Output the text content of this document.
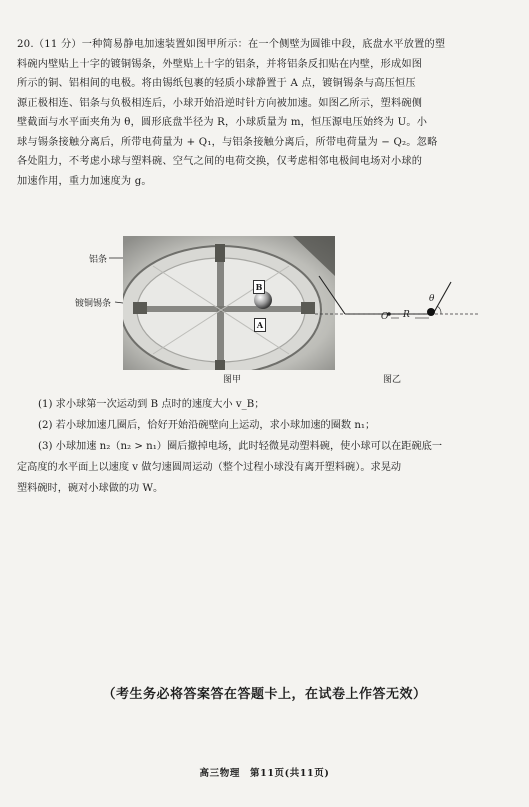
20.（11 分）一种简易静电加速装置如图甲所示：在一个侧壁为圆锥中段，底盘水平放置的塑
料碗内壁贴上十字的镀铜锡条，外壁贴上十字的铝条，并将铝条反扣贴在内壁，形成如图
所示的铜、铝相间的电极。将由锡纸包裹的轻质小球静置于 A 点，镀铜锡条与高压恒压
源正极相连、铝条与负极相连后，小球开始沿逆时针方向被加速。如图乙所示，塑料碗侧
壁截面与水平面夹角为 θ，圆形底盘半径为 R，小球质量为 m，恒压源电压始终为 U。小
球与锡条接触分离后，所带电荷量为 + Q₁，与铝条接触分离后，所带电荷量为 − Q₂。忽略
各处阻力，不考虑小球与塑料碗、空气之间的电荷交换，仅考虑相邻电极间电场对小球的
加速作用，重力加速度为 g。
铝条
镀铜锡条
B
A
图甲
θ
O R
图乙
(1) 求小球第一次运动到 B 点时的速度大小 v_B；
(2) 若小球加速几圈后，恰好开始沿碗壁向上运动，求小球加速的圈数 n₁；
(3) 小球加速 n₂（n₂ > n₁）圈后撤掉电场，此时轻微晃动塑料碗，使小球可以在距碗底一
定高度的水平面上以速度 v 做匀速圆周运动（整个过程小球没有离开塑料碗）。求晃动
塑料碗时，碗对小球做的功 W。
（考生务必将答案答在答题卡上，在试卷上作答无效）
高三物理　第11页(共11页)
